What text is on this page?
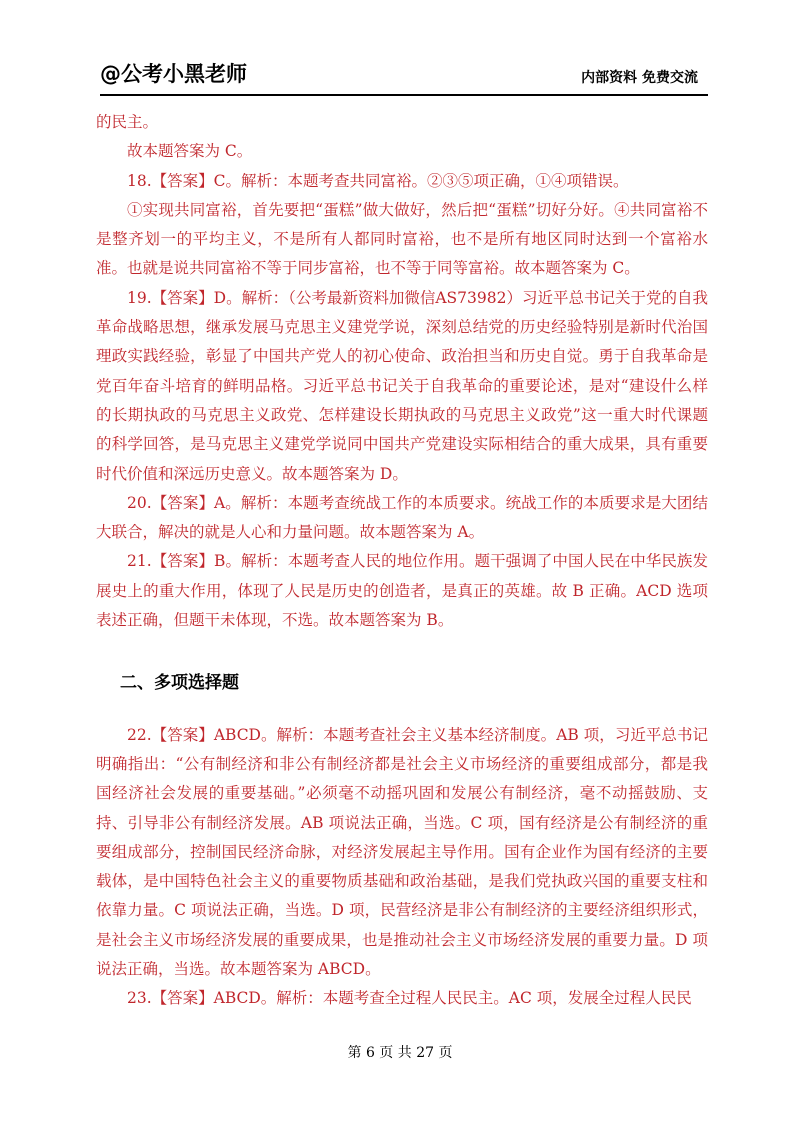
@公考小黑老师	内部资料 免费交流

的民主。

故本题答案为 C。

18.【答案】C。解析：本题考查共同富裕。②③⑤项正确，①④项错误。

①实现共同富裕，首先要把“蛋糕”做大做好，然后把“蛋糕”切好分好。④共同富裕不是整齐划一的平均主义，不是所有人都同时富裕，也不是所有地区同时达到一个富裕水准。也就是说共同富裕不等于同步富裕，也不等于同等富裕。故本题答案为 C。

19.【答案】D。解析：（公考最新资料加微信AS73982）习近平总书记关于党的自我革命战略思想，继承发展马克思主义建党学说，深刻总结党的历史经验特别是新时代治国理政实践经验，彰显了中国共产党人的初心使命、政治担当和历史自觉。勇于自我革命是党百年奋斗培育的鲜明品格。习近平总书记关于自我革命的重要论述，是对“建设什么样的长期执政的马克思主义政党、怎样建设长期执政的马克思主义政党”这一重大时代课题的科学回答，是马克思主义建党学说同中国共产党建设实际相结合的重大成果，具有重要时代价值和深远历史意义。故本题答案为 D。

20.【答案】A。解析：本题考查统战工作的本质要求。统战工作的本质要求是大团结大联合，解决的就是人心和力量问题。故本题答案为 A。

21.【答案】B。解析：本题考查人民的地位作用。题干强调了中国人民在中华民族发展史上的重大作用，体现了人民是历史的创造者，是真正的英雄。故 B 正确。ACD 选项表述正确，但题干未体现，不选。故本题答案为 B。

二、多项选择题

22.【答案】ABCD。解析：本题考查社会主义基本经济制度。AB 项，习近平总书记明确指出：“公有制经济和非公有制经济都是社会主义市场经济的重要组成部分，都是我国经济社会发展的重要基础。”必须毫不动摇巩固和发展公有制经济，毫不动摇鼓励、支持、引导非公有制经济发展。AB 项说法正确，当选。C 项，国有经济是公有制经济的重要组成部分，控制国民经济命脉，对经济发展起主导作用。国有企业作为国有经济的主要载体，是中国特色社会主义的重要物质基础和政治基础，是我们党执政兴国的重要支柱和依靠力量。C 项说法正确，当选。D 项，民营经济是非公有制经济的主要经济组织形式，是社会主义市场经济发展的重要成果，也是推动社会主义市场经济发展的重要力量。D 项说法正确，当选。故本题答案为 ABCD。

23.【答案】ABCD。解析：本题考查全过程人民民主。AC 项，发展全过程人民民

第 6 页 共 27 页
